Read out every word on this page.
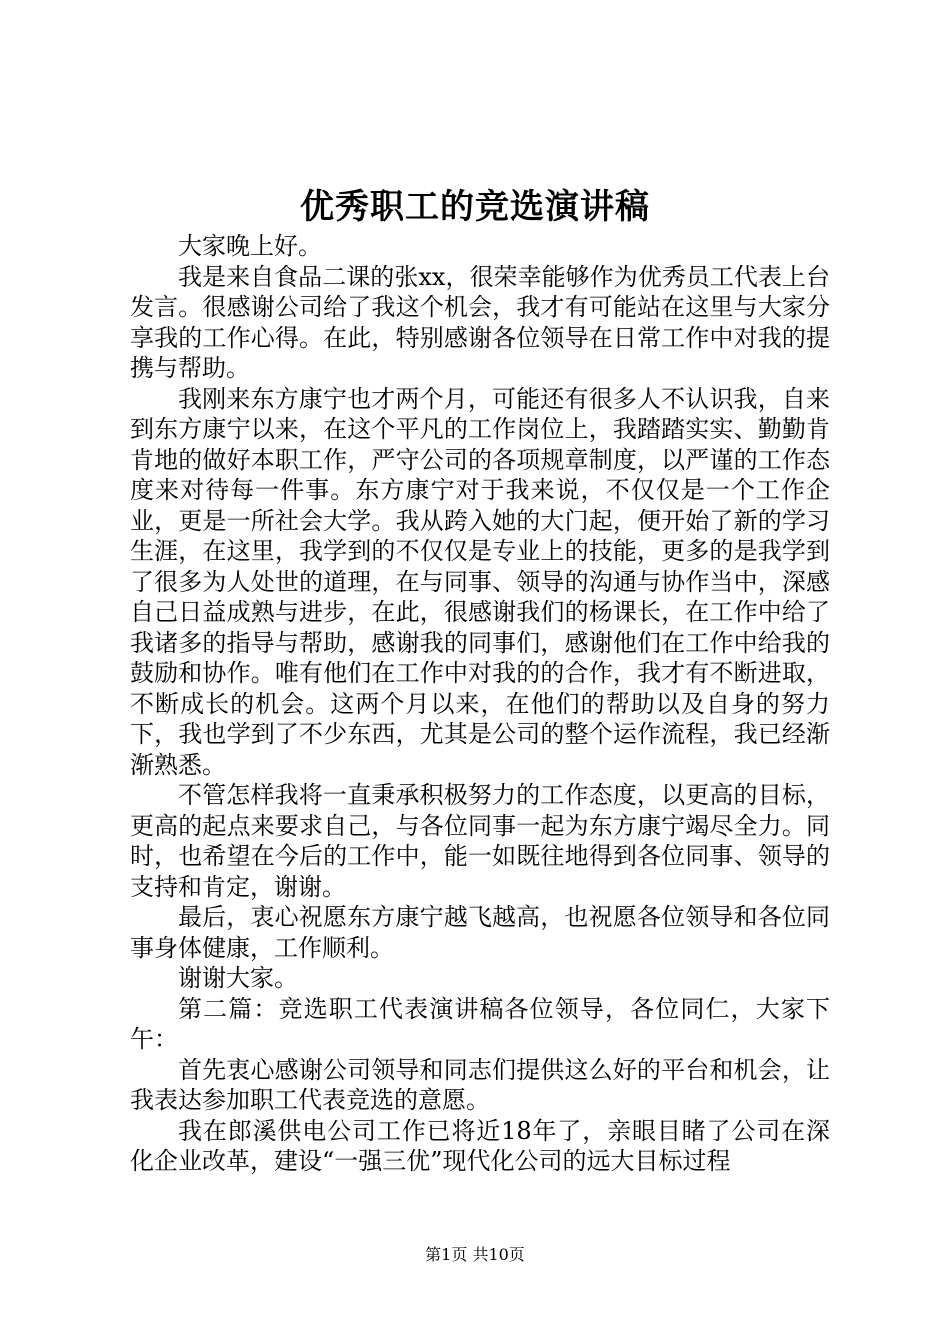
优秀职工的竞选演讲稿

大家晚上好。

我是来自食品二课的张xx，很荣幸能够作为优秀员工代表上台发言。很感谢公司给了我这个机会，我才有可能站在这里与大家分享我的工作心得。在此，特别感谢各位领导在日常工作中对我的提携与帮助。

我刚来东方康宁也才两个月，可能还有很多人不认识我，自来到东方康宁以来，在这个平凡的工作岗位上，我踏踏实实、勤勤肯肯地的做好本职工作，严守公司的各项规章制度，以严谨的工作态度来对待每一件事。东方康宁对于我来说，不仅仅是一个工作企业，更是一所社会大学。我从跨入她的大门起，便开始了新的学习生涯，在这里，我学到的不仅仅是专业上的技能，更多的是我学到了很多为人处世的道理，在与同事、领导的沟通与协作当中，深感自己日益成熟与进步，在此，很感谢我们的杨课长，在工作中给了我诸多的指导与帮助，感谢我的同事们，感谢他们在工作中给我的鼓励和协作。唯有他们在工作中对我的的合作，我才有不断进取，不断成长的机会。这两个月以来，在他们的帮助以及自身的努力下，我也学到了不少东西，尤其是公司的整个运作流程，我已经渐渐熟悉。

不管怎样我将一直秉承积极努力的工作态度，以更高的目标，更高的起点来要求自己，与各位同事一起为东方康宁竭尽全力。同时，也希望在今后的工作中，能一如既往地得到各位同事、领导的支持和肯定，谢谢。

最后，衷心祝愿东方康宁越飞越高，也祝愿各位领导和各位同事身体健康，工作顺利。

谢谢大家。

第二篇：竞选职工代表演讲稿各位领导，各位同仁，大家下午：

首先衷心感谢公司领导和同志们提供这么好的平台和机会，让我表达参加职工代表竞选的意愿。

我在郎溪供电公司工作已将近18年了，亲眼目睹了公司在深化企业改革，建设“一强三优”现代化公司的远大目标过程

第1页 共10页
